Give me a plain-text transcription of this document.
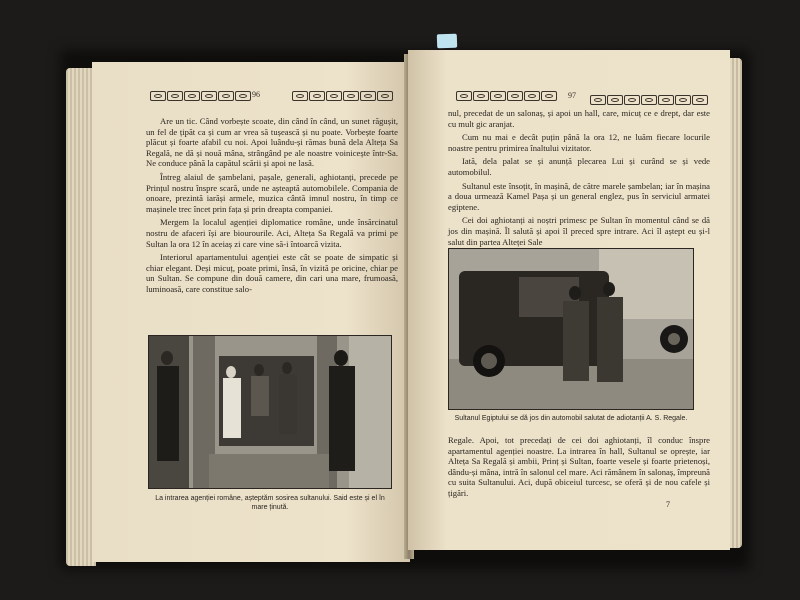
96

Are un tic. Când vorbește scoate, din când în când, un sunet răgușit, un fel de țipăt ca și cum ar vrea să tușească și nu poate. Vorbește foarte plăcut și foarte afabil cu noi. Apoi luându-și rămas bună dela Alteța Sa Regală, ne dă și nouă mâna, strângând pe ale noastre voinicește într-Sa. Ne conduce până la capătul scării și apoi ne lasă.

Întreg alaiul de șambelani, pașale, generali, aghiotanți, precede pe Prințul nostru înspre scară, unde ne așteaptă automobilele. Compania de onoare, prezintă iarăși armele, muzica cântă imnul nostru, în timp ce mașinele trec încet prin fața și prin dreapta companiei.

Mergem la localul agenției diplomatice române, unde însărcinatul nostru de afaceri își are biourourile. Aci, Alteța Sa Regală va primi pe Sultan la ora 12 în aceiaș zi care vine să-i întoarcă vizita.

Interiorul apartamentului agenției este cât se poate de simpatic și chiar elegant. Deși micuț, poate primi, însă, în vizită pe oricine, chiar pe un Sultan. Se compune din două camere, din cari una mare, frumoasă, luminoasă, care constitue salo-

La intrarea agenției române, așteptăm sosirea sultanului. Said este și el în mare ținută.
97

nul, precedat de un salonaș, și apoi un hall, care, micuț ce e drept, dar este cu mult gic aranjat.

Cum nu mai e decât puțin până la ora 12, ne luăm fiecare locurile noastre pentru primirea înaltului vizitator.

Iată, dela palat se și anunță plecarea Lui și curând se și vede automobilul.

Sultanul este însoțit, în mașină, de către marele șambelan; iar în mașina a doua urmează Kamel Pașa și un general englez, pus în serviciul armatei egiptene.

Cei doi aghiotanți ai noștri primesc pe Sultan în momentul când se dă jos din mașină. Îl salută și apoi îl preced spre intrare. Aci îl aștept eu și-l salut din partea Alteței Sale

Sultanul Egiptului se dă jos din automobil salutat de adiotanții A. S. Regale.

Regale. Apoi, tot precedați de cei doi aghiotanți, îl conduc înspre apartamentul agenției noastre. La intrarea în hall, Sultanul se oprește, iar Alteța Sa Regală și ambii, Prinț și Sultan, foarte vesele și foarte prietenoși, dându-și mâna, intră în salonul cel mare. Aci rămânem în salonaș, împreună cu suita Sultanului. Aci, după obiceiul turcesc, se oferă și de nou cafele și țigări.

7
